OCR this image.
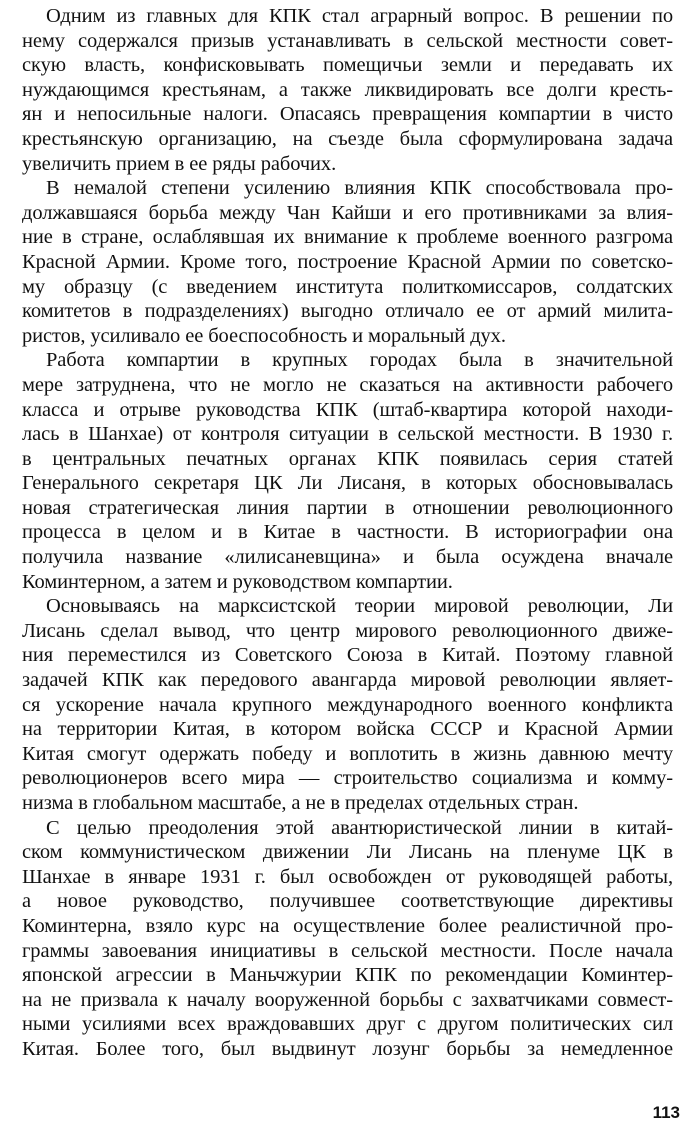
Одним из главных для КПК стал аграрный вопрос. В решении по
нему содержался призыв устанавливать в сельской местности совет-
скую власть, конфисковывать помещичьи земли и передавать их
нуждающимся крестьянам, а также ликвидировать все долги кресть-
ян и непосильные налоги. Опасаясь превращения компартии в чисто
крестьянскую организацию, на съезде была сформулирована задача
увеличить прием в ее ряды рабочих.
В немалой степени усилению влияния КПК способствовала про-
должавшаяся борьба между Чан Кайши и его противниками за влия-
ние в стране, ослаблявшая их внимание к проблеме военного разгрома
Красной Армии. Кроме того, построение Красной Армии по советско-
му образцу (с введением института политкомиссаров, солдатских
комитетов в подразделениях) выгодно отличало ее от армий милита-
ристов, усиливало ее боеспособность и моральный дух.
Работа компартии в крупных городах была в значительной
мере затруднена, что не могло не сказаться на активности рабочего
класса и отрыве руководства КПК (штаб-квартира которой находи-
лась в Шанхае) от контроля ситуации в сельской местности. В 1930 г.
в центральных печатных органах КПК появилась серия статей
Генерального секретаря ЦК Ли Лисаня, в которых обосновывалась
новая стратегическая линия партии в отношении революционного
процесса в целом и в Китае в частности. В историографии она
получила название «лилисаневщина» и была осуждена вначале
Коминтерном, а затем и руководством компартии.
Основываясь на марксистской теории мировой революции, Ли
Лисань сделал вывод, что центр мирового революционного движе-
ния переместился из Советского Союза в Китай. Поэтому главной
задачей КПК как передового авангарда мировой революции являет-
ся ускорение начала крупного международного военного конфликта
на территории Китая, в котором войска СССР и Красной Армии
Китая смогут одержать победу и воплотить в жизнь давнюю мечту
революционеров всего мира — строительство социализма и комму-
низма в глобальном масштабе, а не в пределах отдельных стран.
С целью преодоления этой авантюристической линии в китай-
ском коммунистическом движении Ли Лисань на пленуме ЦК в
Шанхае в январе 1931 г. был освобожден от руководящей работы,
а новое руководство, получившее соответствующие директивы
Коминтерна, взяло курс на осуществление более реалистичной про-
граммы завоевания инициативы в сельской местности. После начала
японской агрессии в Маньчжурии КПК по рекомендации Коминтер-
на не призвала к началу вооруженной борьбы с захватчиками совмест-
ными усилиями всех враждовавших друг с другом политических сил
Китая. Более того, был выдвинут лозунг борьбы за немедленное
113
